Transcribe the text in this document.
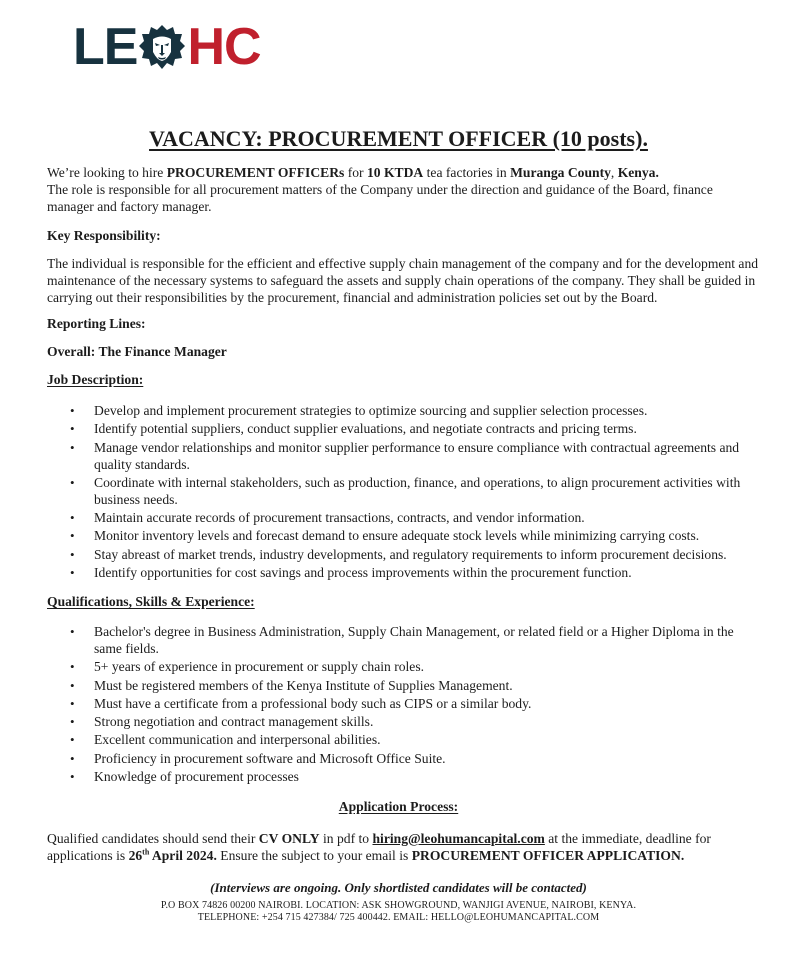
LE HC
VACANCY: PROCUREMENT OFFICER (10 posts).
We’re looking to hire PROCUREMENT OFFICERs for 10 KTDA tea factories in Muranga County, Kenya.
The role is responsible for all procurement matters of the Company under the direction and guidance of the Board, finance manager and factory manager.
Key Responsibility:
The individual is responsible for the efficient and effective supply chain management of the company and for the development and maintenance of the necessary systems to safeguard the assets and supply chain operations of the company. They shall be guided in carrying out their responsibilities by the procurement, financial and administration policies set out by the Board.
Reporting Lines:
Overall: The Finance Manager
Job Description:
• Develop and implement procurement strategies to optimize sourcing and supplier selection processes.
• Identify potential suppliers, conduct supplier evaluations, and negotiate contracts and pricing terms.
• Manage vendor relationships and monitor supplier performance to ensure compliance with contractual agreements and quality standards.
• Coordinate with internal stakeholders, such as production, finance, and operations, to align procurement activities with business needs.
• Maintain accurate records of procurement transactions, contracts, and vendor information.
• Monitor inventory levels and forecast demand to ensure adequate stock levels while minimizing carrying costs.
• Stay abreast of market trends, industry developments, and regulatory requirements to inform procurement decisions.
• Identify opportunities for cost savings and process improvements within the procurement function.
Qualifications, Skills & Experience:
• Bachelor's degree in Business Administration, Supply Chain Management, or related field or a Higher Diploma in the same fields.
• 5+ years of experience in procurement or supply chain roles.
• Must be registered members of the Kenya Institute of Supplies Management.
• Must have a certificate from a professional body such as CIPS or a similar body.
• Strong negotiation and contract management skills.
• Excellent communication and interpersonal abilities.
• Proficiency in procurement software and Microsoft Office Suite.
• Knowledge of procurement processes
Application Process:
Qualified candidates should send their CV ONLY in pdf to hiring@leohumancapital.com at the immediate, deadline for applications is 26th April 2024. Ensure the subject to your email is PROCUREMENT OFFICER APPLICATION.
(Interviews are ongoing. Only shortlisted candidates will be contacted)
P.O BOX 74826 00200 NAIROBI. LOCATION: ASK SHOWGROUND, WANJIGI AVENUE, NAIROBI, KENYA.
TELEPHONE: +254 715 427384/ 725 400442. EMAIL: HELLO@LEOHUMANCAPITAL.COM
